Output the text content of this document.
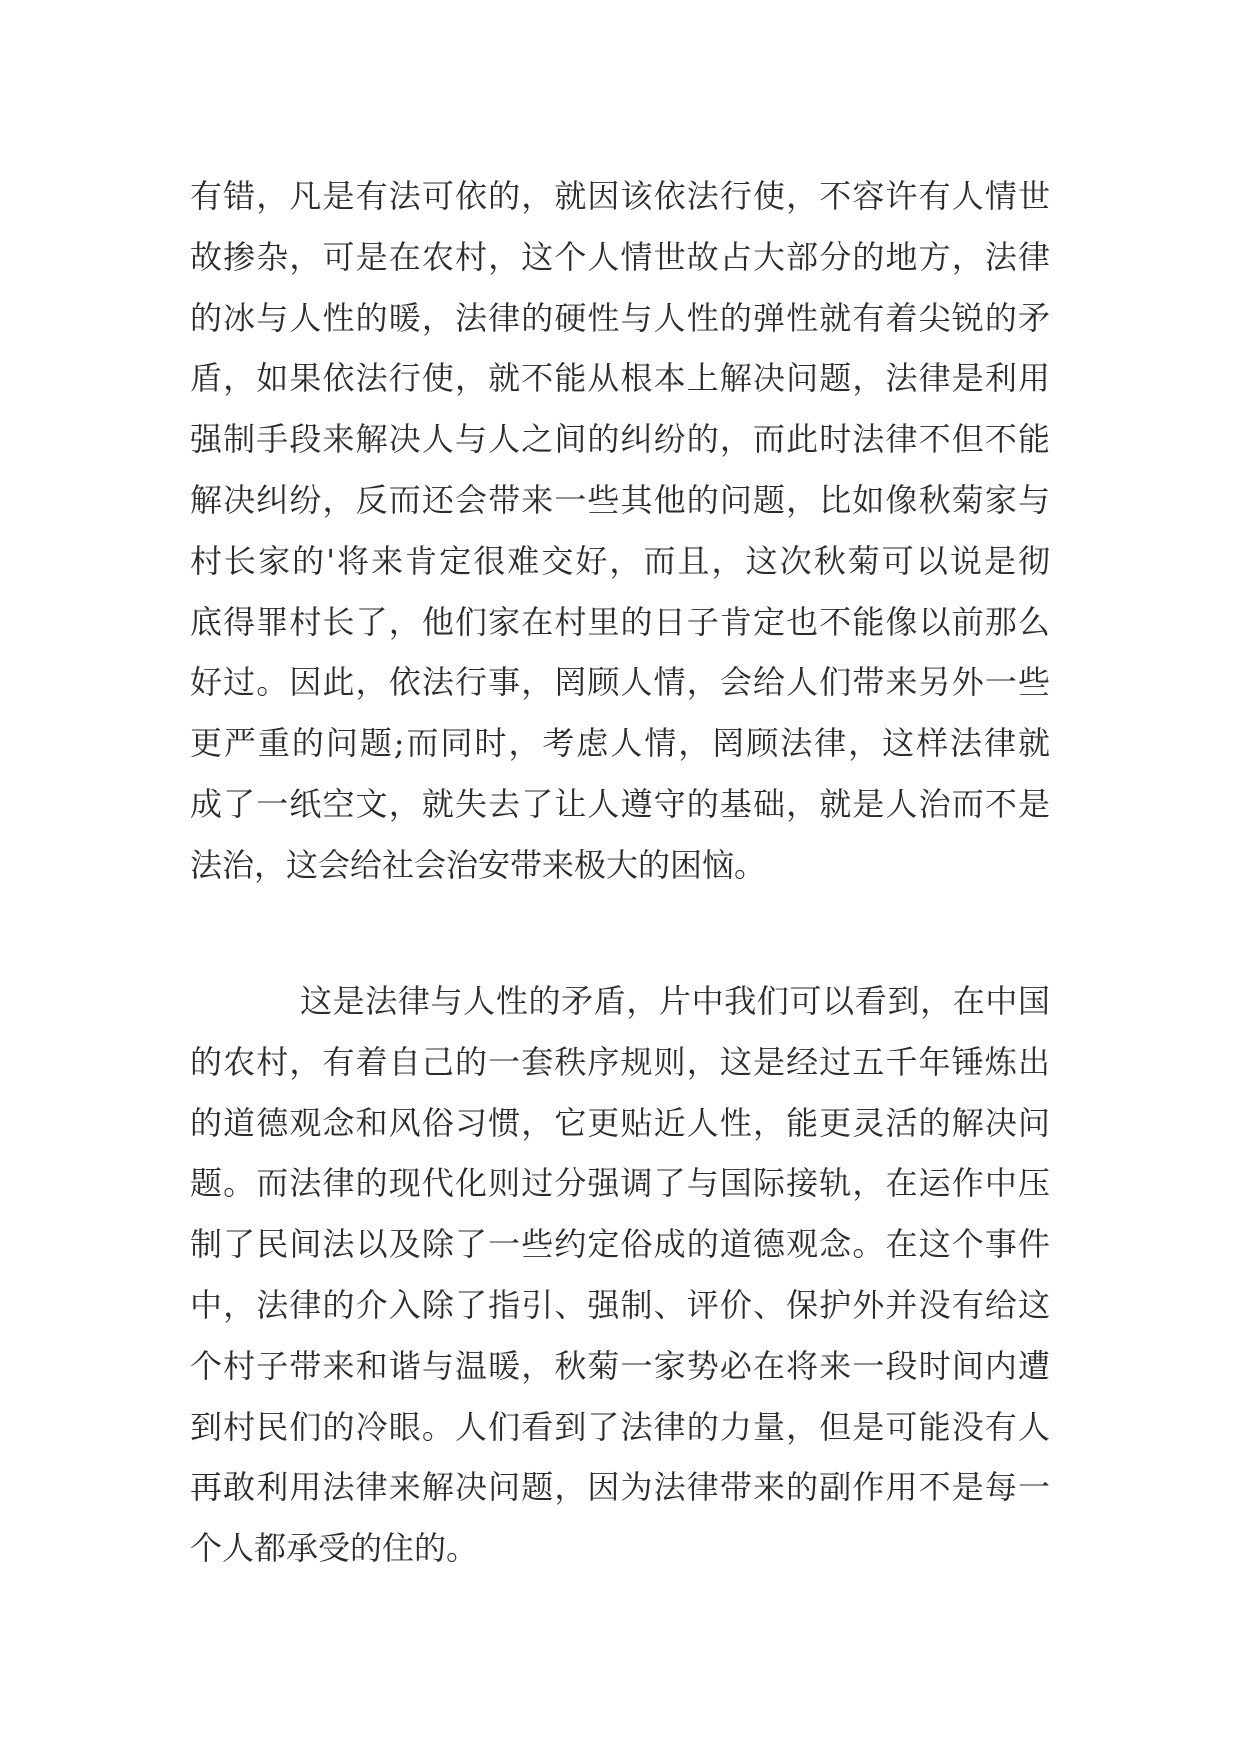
有错，凡是有法可依的，就因该依法行使，不容许有人情世
故掺杂，可是在农村，这个人情世故占大部分的地方，法律
的冰与人性的暖，法律的硬性与人性的弹性就有着尖锐的矛
盾，如果依法行使，就不能从根本上解决问题，法律是利用
强制手段来解决人与人之间的纠纷的，而此时法律不但不能
解决纠纷，反而还会带来一些其他的问题，比如像秋菊家与
村长家的'将来肯定很难交好，而且，这次秋菊可以说是彻
底得罪村长了，他们家在村里的日子肯定也不能像以前那么
好过。因此，依法行事，罔顾人情，会给人们带来另外一些
更严重的问题;而同时，考虑人情，罔顾法律，这样法律就
成了一纸空文，就失去了让人遵守的基础，就是人治而不是
法治，这会给社会治安带来极大的困恼。
这是法律与人性的矛盾，片中我们可以看到，在中国
的农村，有着自己的一套秩序规则，这是经过五千年锤炼出
的道德观念和风俗习惯，它更贴近人性，能更灵活的解决问
题。而法律的现代化则过分强调了与国际接轨，在运作中压
制了民间法以及除了一些约定俗成的道德观念。在这个事件
中，法律的介入除了指引、强制、评价、保护外并没有给这
个村子带来和谐与温暖，秋菊一家势必在将来一段时间内遭
到村民们的冷眼。人们看到了法律的力量，但是可能没有人
再敢利用法律来解决问题，因为法律带来的副作用不是每一
个人都承受的住的。
